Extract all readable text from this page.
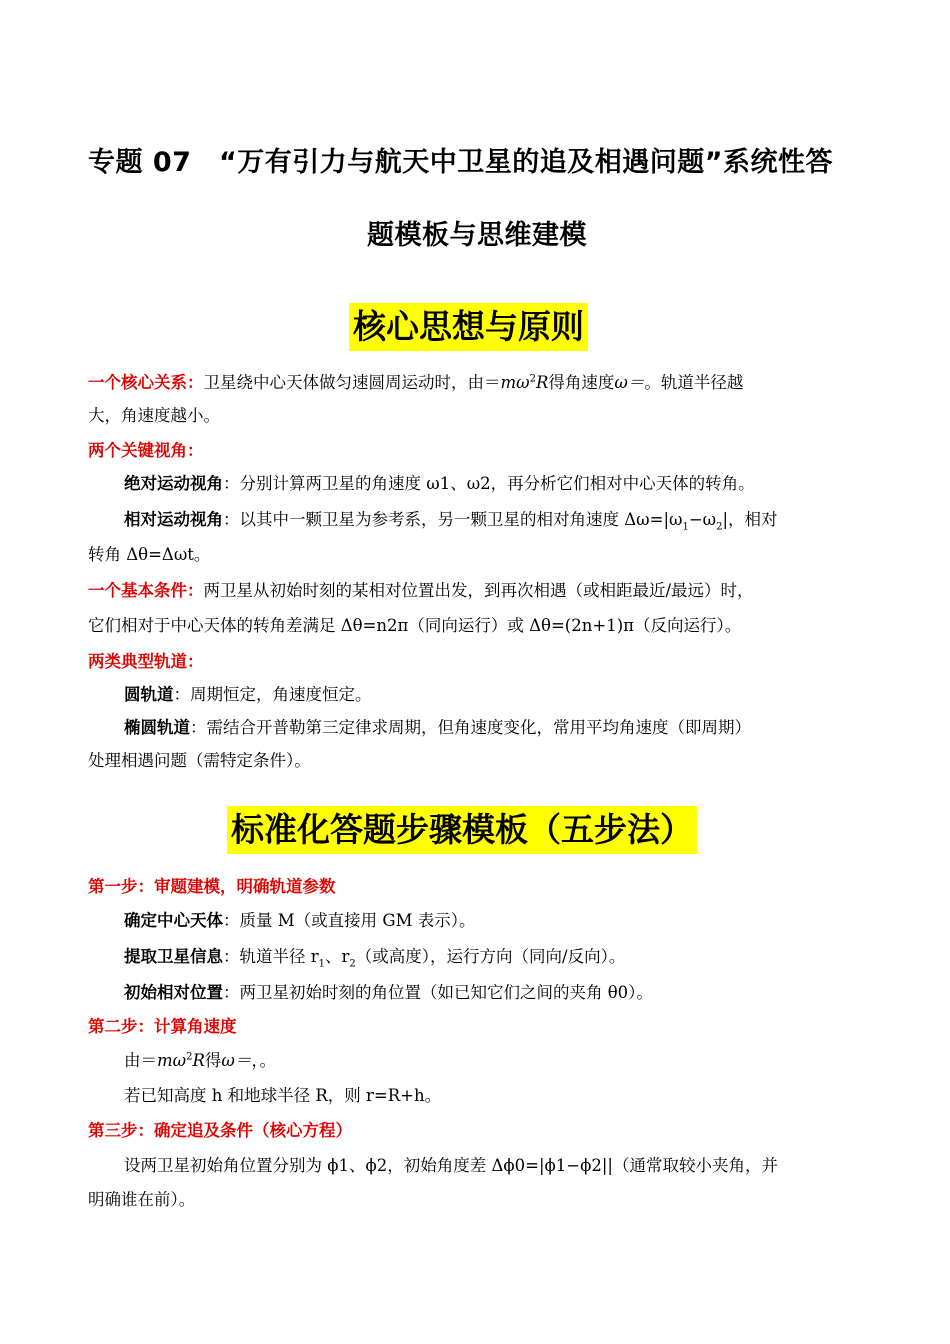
专题 07　“万有引力与航天中卫星的追及相遇问题”系统性答
题模板与思维建模
核心思想与原则
一个核心关系：卫星绕中心天体做匀速圆周运动时，由$=m\omega^2R$得角速度ω＝。轨道半径越
大，角速度越小。
两个关键视角：
绝对运动视角：分别计算两卫星的角速度 ω1、ω2，再分析它们相对中心天体的转角。
相对运动视角：以其中一颗卫星为参考系，另一颗卫星的相对角速度 $\Delta\omega=|\omega_1-\omega_2|$，相对
转角 Δθ=Δωt。
一个基本条件：两卫星从初始时刻的某相对位置出发，到再次相遇（或相距最近/最远）时，
它们相对于中心天体的转角差满足 Δθ=n2π（同向运行）或 Δθ=(2n+1)π（反向运行）。
两类典型轨道：
圆轨道：周期恒定，角速度恒定。
椭圆轨道：需结合开普勒第三定律求周期，但角速度变化，常用平均角速度（即周期）
处理相遇问题（需特定条件）。
标准化答题步骤模板（五步法）
第一步：审题建模，明确轨道参数
确定中心天体：质量 M（或直接用 GM 表示）。
提取卫星信息：轨道半径 $r_1$、$r_2$（或高度），运行方向（同向/反向）。
初始相对位置：两卫星初始时刻的角位置（如已知它们之间的夹角 θ0）。
第二步：计算角速度
由$=m\omega^2R$得ω＝，。
若已知高度 h 和地球半径 R，则 r=R+h。
第三步：确定追及条件（核心方程）
设两卫星初始角位置分别为 ϕ1、ϕ2，初始角度差 Δϕ0=|ϕ1−ϕ2||（通常取较小夹角，并
明确谁在前）。
